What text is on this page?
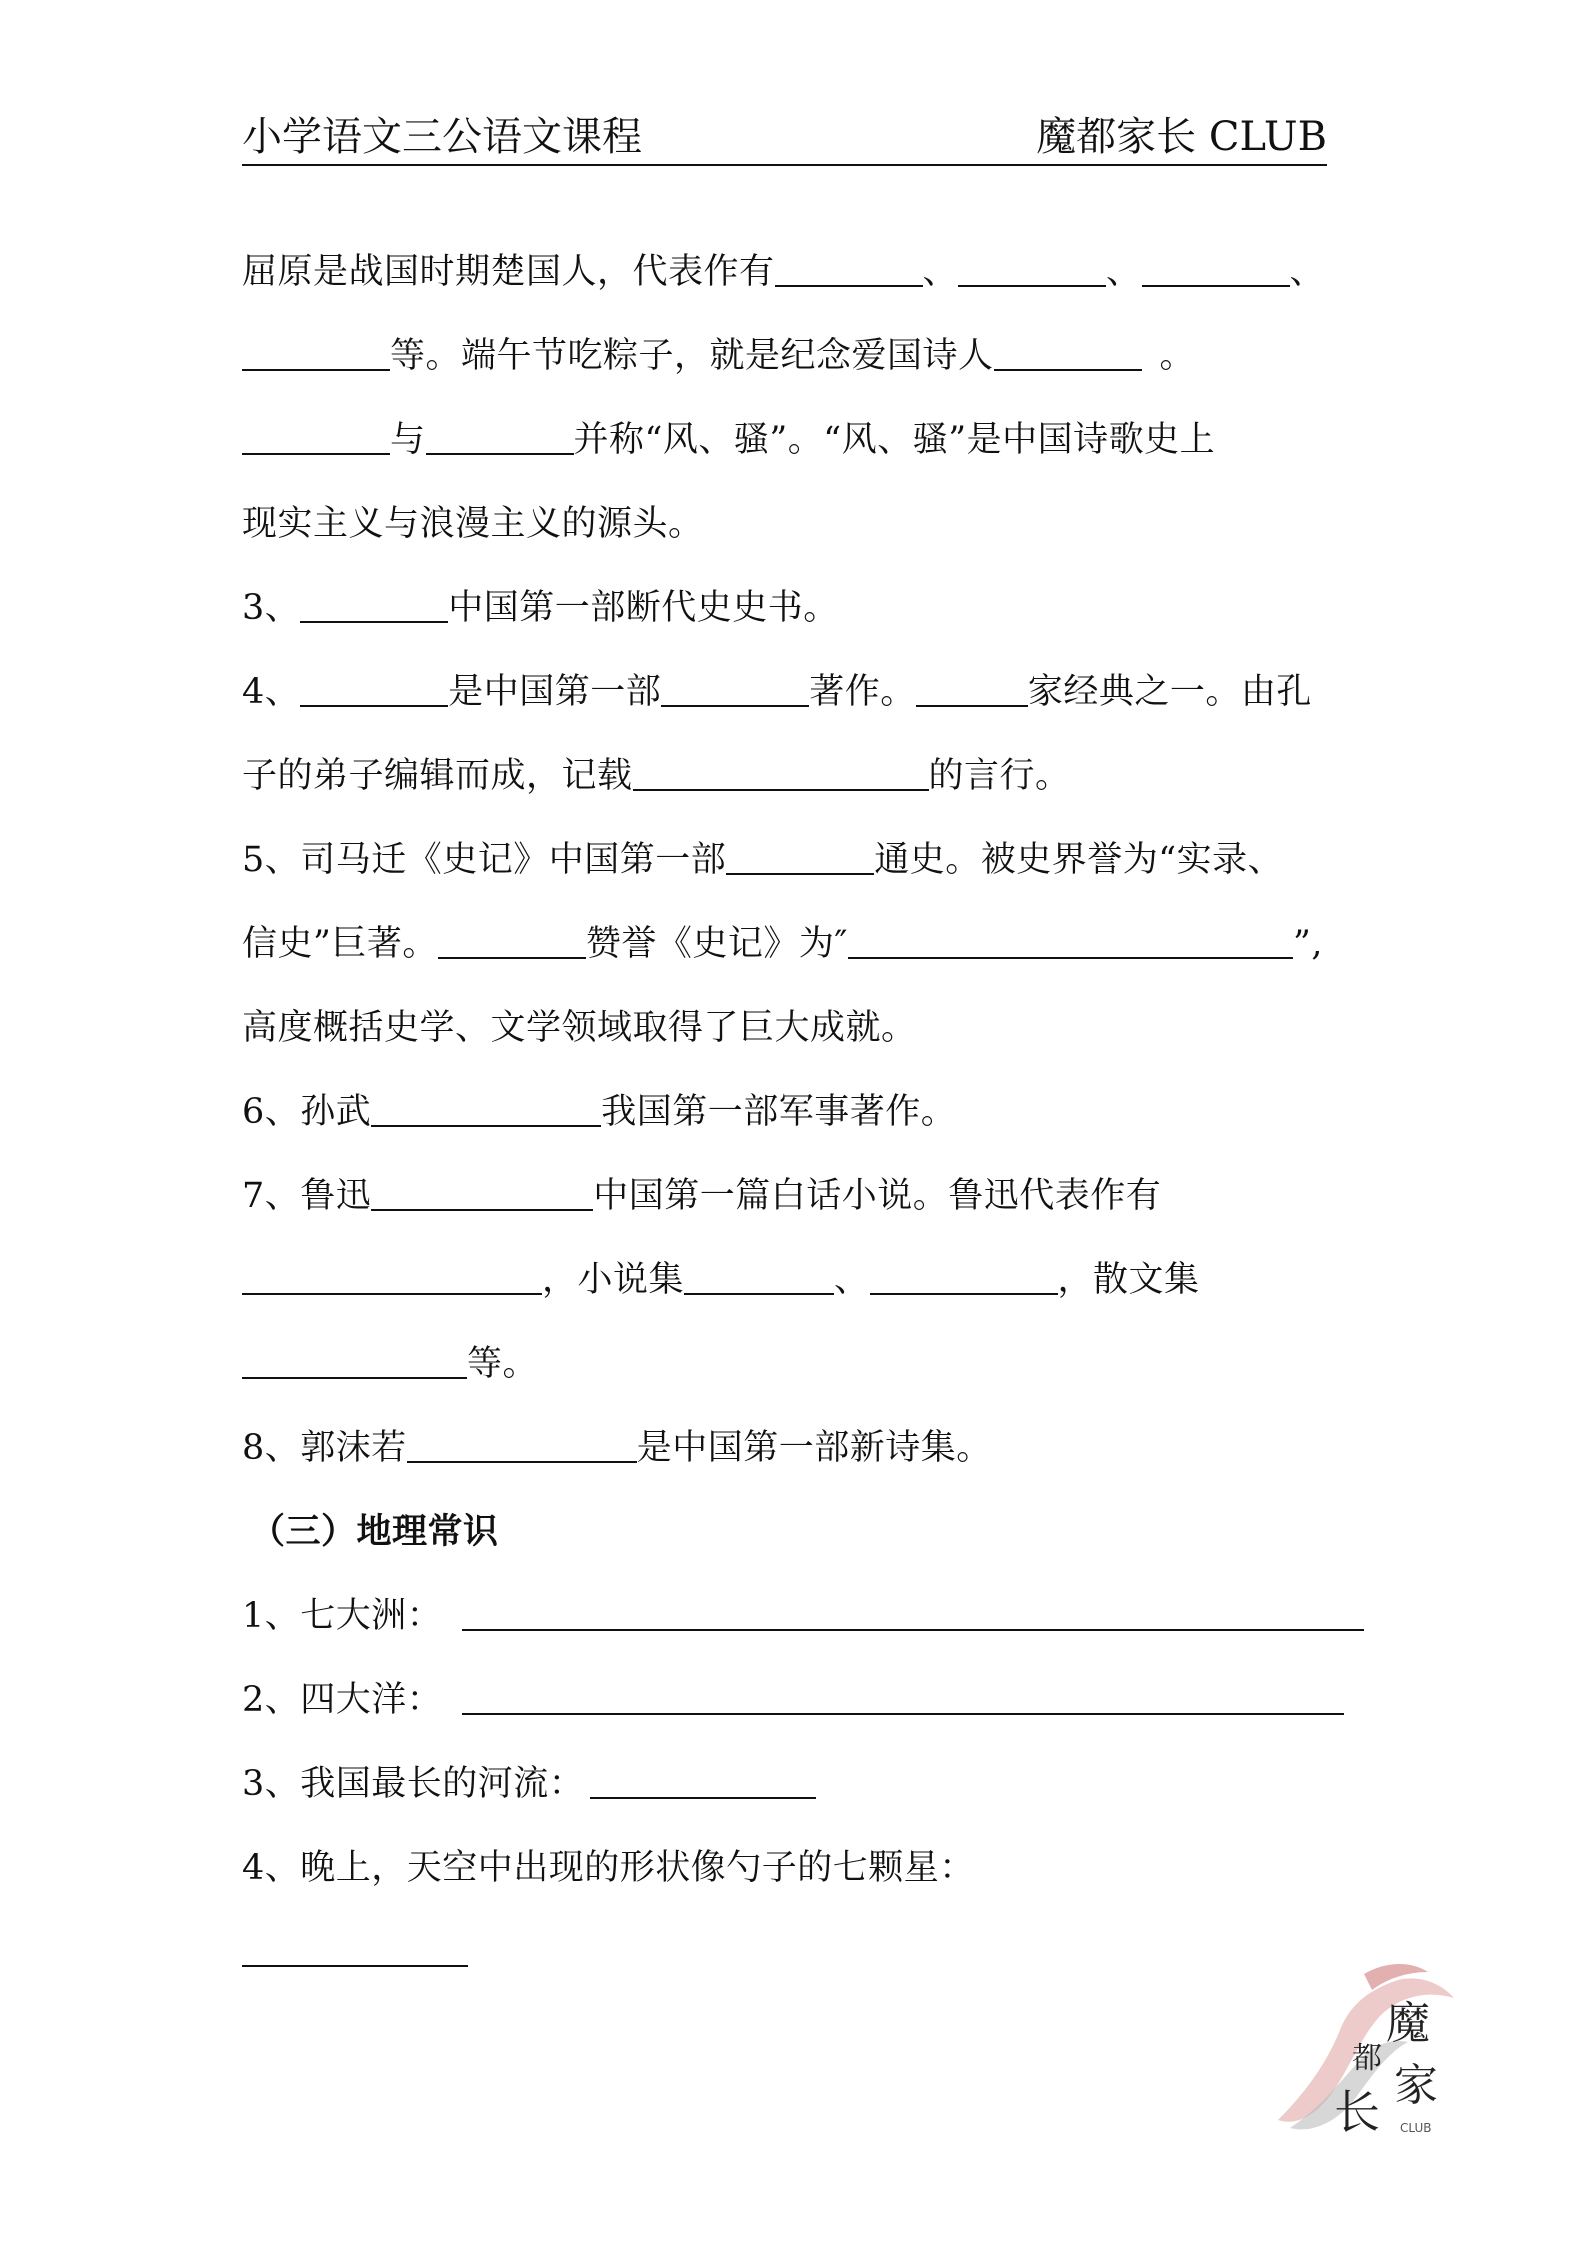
小学语文三公语文课程	魔都家长 CLUB
屈原是战国时期楚国人，代表作有	、	、	、
等。端午节吃粽子，就是纪念爱国诗人	。
与	并称“风、骚”。“风、骚”是中国诗歌史上
现实主义与浪漫主义的源头。
3、	中国第一部断代史史书。
4、	是中国第一部	著作。	家经典之一。由孔
子的弟子编辑而成，记载	的言行。
5、司马迁《史记》中国第一部	通史。被史界誉为“实录、
信史”巨著。	赞誉《史记》为″	”,
高度概括史学、文学领域取得了巨大成就。
6、孙武	我国第一部军事著作。
7、鲁迅	中国第一篇白话小说。鲁迅代表作有
，小说集	、	，散文集
等。
8、郭沫若	是中国第一部新诗集。
（三）地理常识
1、七大洲：
2、四大洋：
3、我国最长的河流：
4、晚上，天空中出现的形状像勺子的七颗星：
魔
都
家
长 CLUB
